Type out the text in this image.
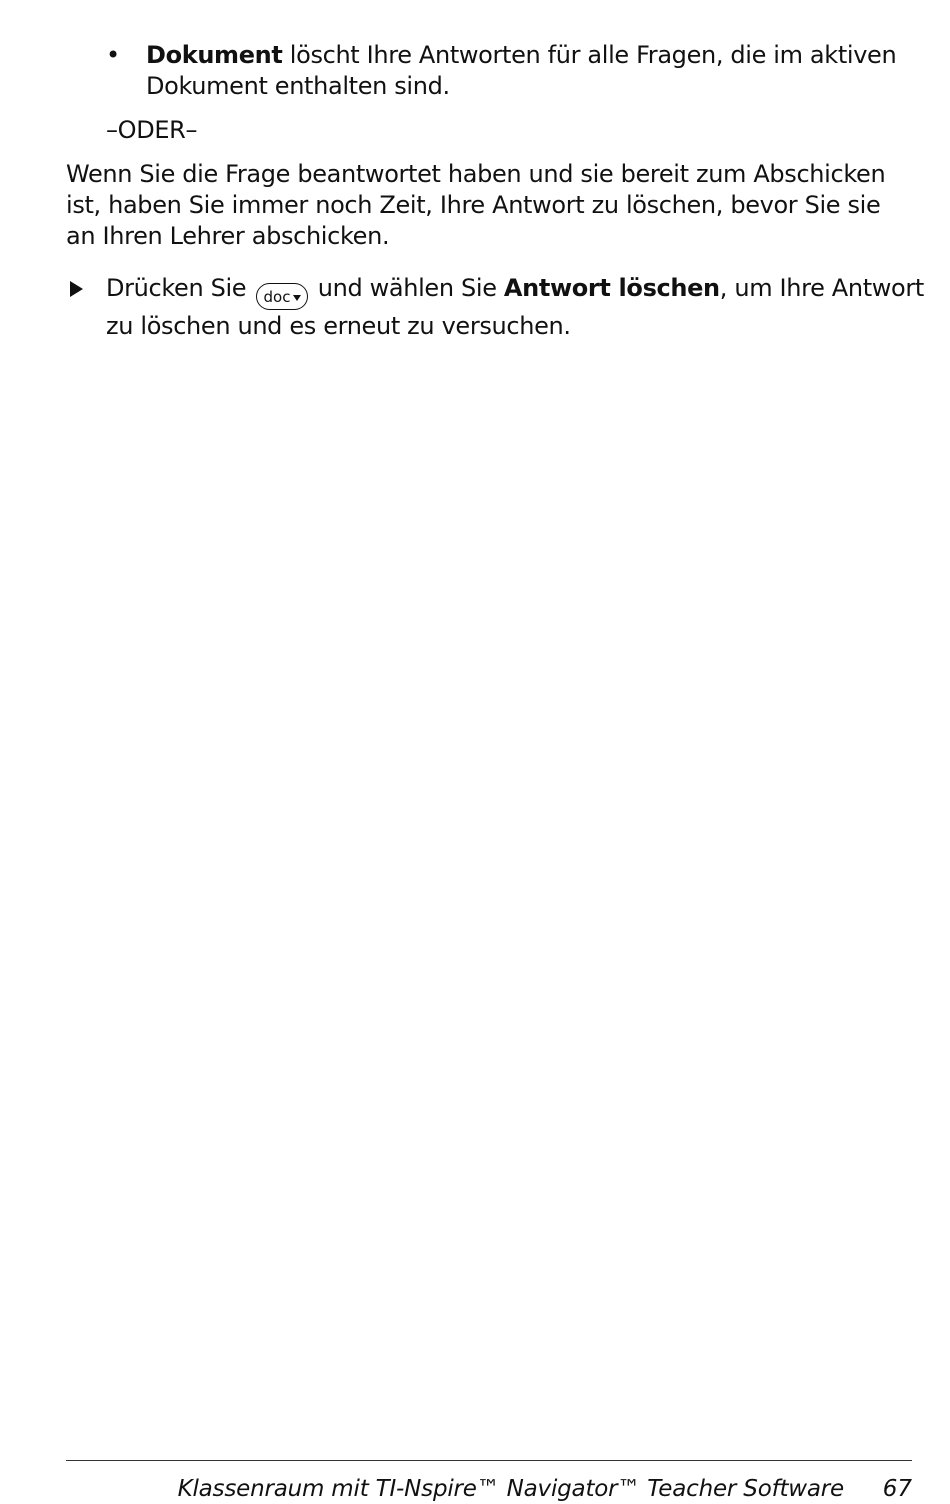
• Dokument löscht Ihre Antworten für alle Fragen, die im aktiven Dokument enthalten sind.
–ODER–
Wenn Sie die Frage beantwortet haben und sie bereit zum Abschicken ist, haben Sie immer noch Zeit, Ihre Antwort zu löschen, bevor Sie sie an Ihren Lehrer abschicken.
Drücken Sie doc und wählen Sie Antwort löschen, um Ihre Antwort zu löschen und es erneut zu versuchen.
Klassenraum mit TI-Nspire™ Navigator™ Teacher Software 67
